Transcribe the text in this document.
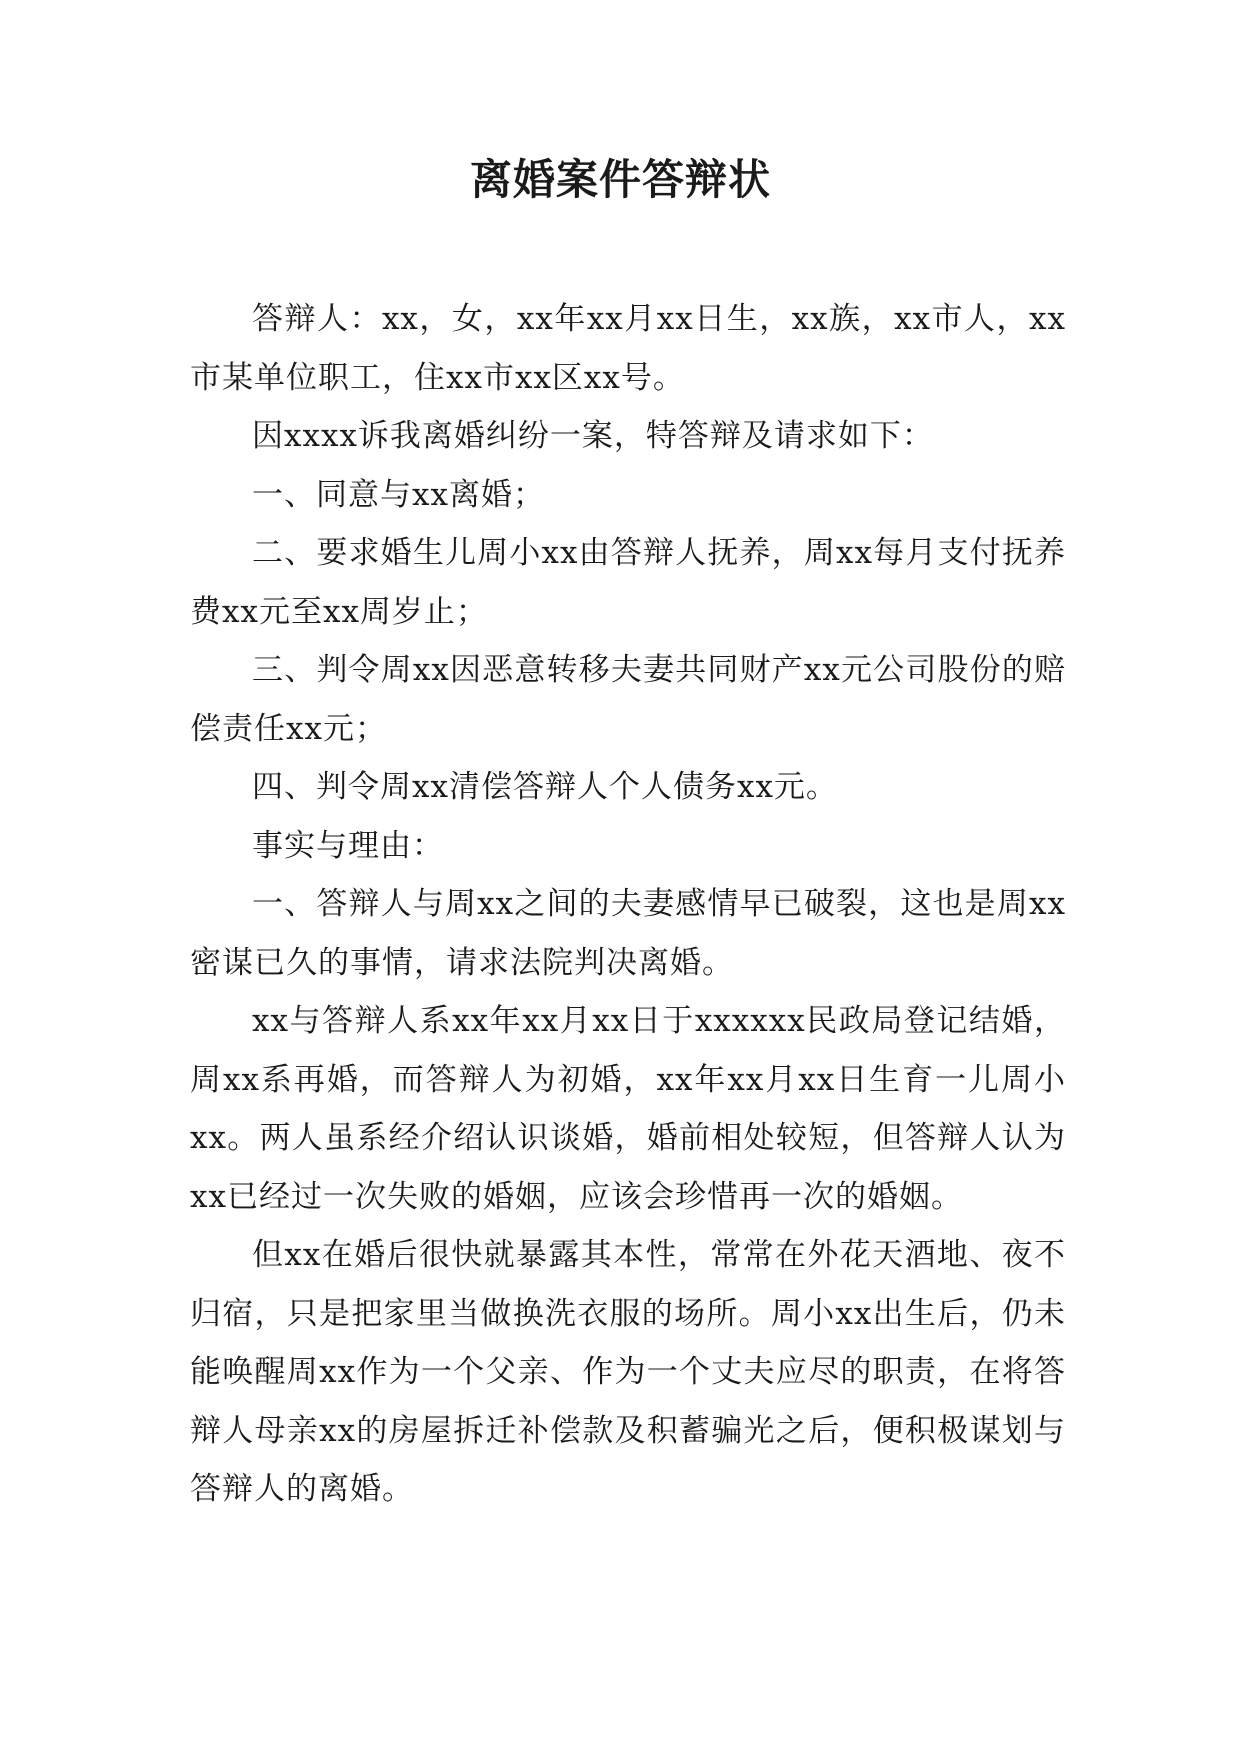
离婚案件答辩状

答辩人：xx，女，xx年xx月xx日生，xx族，xx市人，xx市某单位职工，住xx市xx区xx号。

因xxxx诉我离婚纠纷一案，特答辩及请求如下：

一、同意与xx离婚；

二、要求婚生儿周小xx由答辩人抚养，周xx每月支付抚养费xx元至xx周岁止；

三、判令周xx因恶意转移夫妻共同财产xx元公司股份的赔偿责任xx元；

四、判令周xx清偿答辩人个人债务xx元。

事实与理由：

一、答辩人与周xx之间的夫妻感情早已破裂，这也是周xx密谋已久的事情，请求法院判决离婚。

xx与答辩人系xx年xx月xx日于xxxxxx民政局登记结婚，周xx系再婚，而答辩人为初婚，xx年xx月xx日生育一儿周小xx。两人虽系经介绍认识谈婚，婚前相处较短，但答辩人认为xx已经过一次失败的婚姻，应该会珍惜再一次的婚姻。

但xx在婚后很快就暴露其本性，常常在外花天酒地、夜不归宿，只是把家里当做换洗衣服的场所。周小xx出生后，仍未能唤醒周xx作为一个父亲、作为一个丈夫应尽的职责，在将答辩人母亲xx的房屋拆迁补偿款及积蓄骗光之后，便积极谋划与答辩人的离婚。
